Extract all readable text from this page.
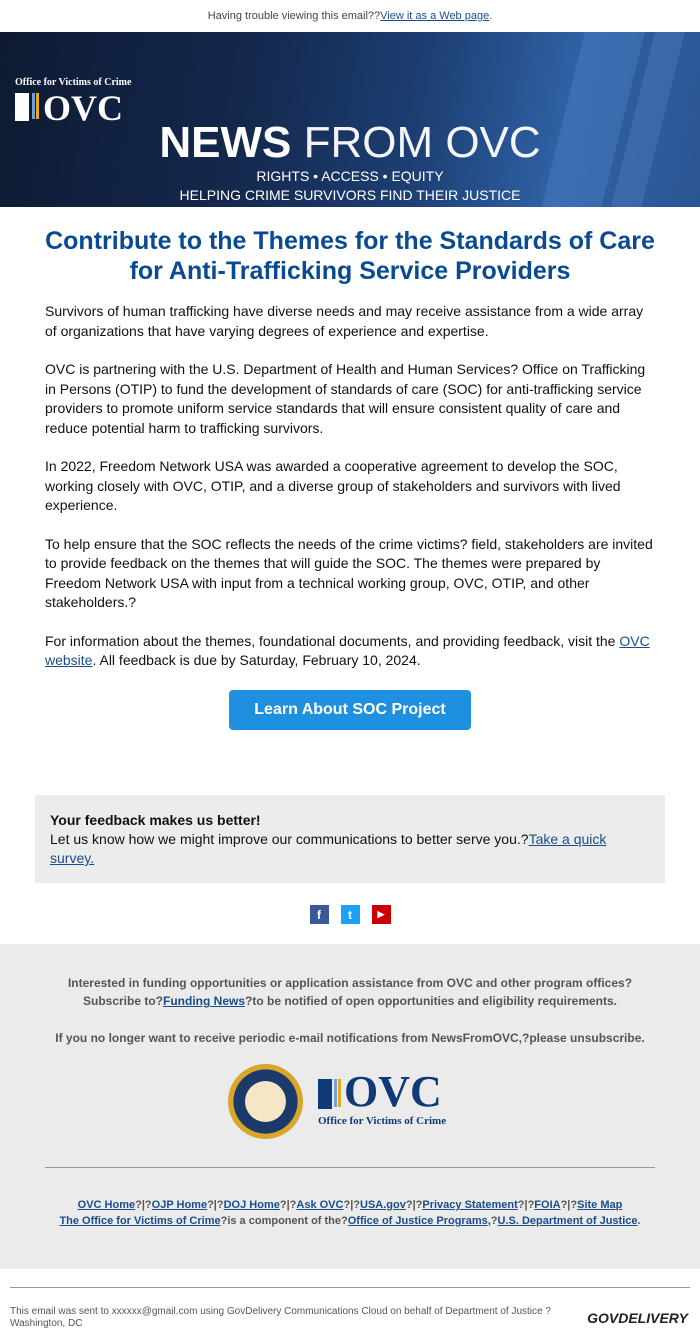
Having trouble viewing this email??View it as a Web page.
Office for Victims of Crime
OVC
NEWS FROM OVC
RIGHTS • ACCESS • EQUITY
HELPING CRIME SURVIVORS FIND THEIR JUSTICE
Contribute to the Themes for the Standards of Care for Anti-Trafficking Service Providers

Survivors of human trafficking have diverse needs and may receive assistance from a wide array of organizations that have varying degrees of experience and expertise.

OVC is partnering with the U.S. Department of Health and Human Services? Office on Trafficking in Persons (OTIP) to fund the development of standards of care (SOC) for anti-trafficking service providers to promote uniform service standards that will ensure consistent quality of care and reduce potential harm to trafficking survivors.

In 2022, Freedom Network USA was awarded a cooperative agreement to develop the SOC, working closely with OVC, OTIP, and a diverse group of stakeholders and survivors with lived experience.

To help ensure that the SOC reflects the needs of the crime victims? field, stakeholders are invited to provide feedback on the themes that will guide the SOC. The themes were prepared by Freedom Network USA with input from a technical working group, OVC, OTIP, and other stakeholders.?

For information about the themes, foundational documents, and providing feedback, visit the OVC website. All feedback is due by Saturday, February 10, 2024.

Learn About SOC Project
Your feedback makes us better!
Let us know how we might improve our communications to better serve you.?Take a quick survey.
f	t	▶
Interested in funding opportunities or application assistance from OVC and other program offices?
Subscribe to?Funding News?to be notified of open opportunities and eligibility requirements.
If you no longer want to receive periodic e-mail notifications from NewsFromOVC,?please unsubscribe.
OVC
Office for Victims of Crime
OVC Home?|?OJP Home?|?DOJ Home?|?Ask OVC?|?USA.gov?|?Privacy Statement?|?FOIA?|?Site Map
The Office for Victims of Crime?is a component of the?Office of Justice Programs,?U.S. Department of Justice.
This email was sent to xxxxxx@gmail.com using GovDelivery Communications Cloud on behalf of Department of Justice ? Washington, DC	GOVDELIVERY
